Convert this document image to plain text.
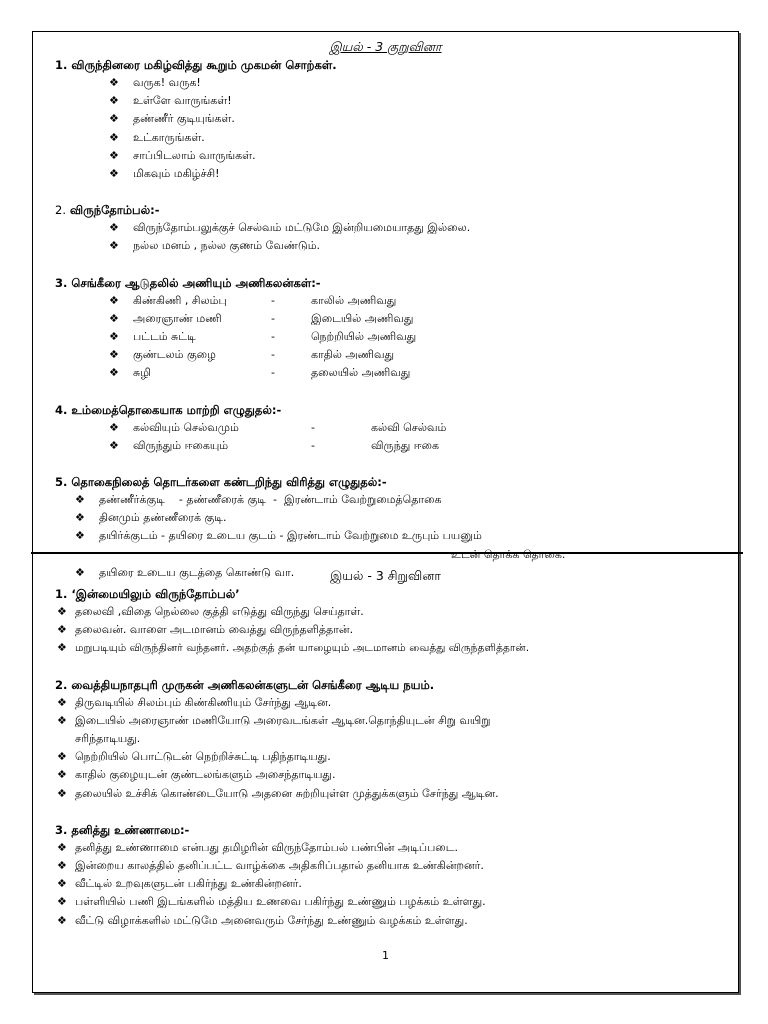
இயல் - 3 குறுவினா
1. விருந்தினரை மகிழ்வித்து கூறும் முகமன் சொற்கள்.
❖ வருக! வருக!
❖ உள்ளே வாருங்கள்!
❖ தண்ணீர் குடியுங்கள்.
❖ உட்காருங்கள்.
❖ சாப்பிடலாம் வாருங்கள்.
❖ மிகவும் மகிழ்ச்சி!
2. விருந்தோம்பல்:-
❖ விருந்தோம்பலுக்குச் செல்வம் மட்டுமே இன்றியமையாதது இல்லை.
❖ நல்ல மனம் , நல்ல குணம் வேண்டும்.
3. செங்கீரை ஆடுதலில் அணியும் அணிகலன்கள்:-
❖ கிண்கிணி , சிலம்பு	-	காலில் அணிவது
❖ அரைஞாண் மணி	-	இடையில் அணிவது
❖ பட்டம் சுட்டி	-	நெற்றியில் அணிவது
❖ குண்டலம் குழை	-	காதில் அணிவது
❖ சுழி	-	தலையில் அணிவது
4. உம்மைத்தொகையாக மாற்றி எழுதுதல்:-
❖ கல்வியும் செல்வமும்	-	கல்வி செல்வம்
❖ விருந்தும் ஈகையும்	-	விருந்து ஈகை
5. தொகைநிலைத் தொடர்களை கண்டறிந்து விரித்து எழுதுதல்:-
❖ தண்ணீர்க்குடி    - தண்ணீரைக் குடி  -  இரண்டாம் வேற்றுமைத்தொகை
❖ தினமும் தண்ணீரைக் குடி.
❖ தயிர்க்குடம் - தயிரை உடைய குடம் - இரண்டாம் வேற்றுமை உருபும் பயனும்
உடன் தொக்க தொகை.
❖ தயிரை உடைய குடத்தை கொண்டு வா.	இயல் - 3 சிறுவினா
1. ‘இன்மையிலும் விருந்தோம்பல்’
❖ தலைவி ,விதை நெல்லை குத்தி எடுத்து விருந்து செய்தாள்.
❖ தலைவன். வாளை அடமானம் வைத்து விருந்தளித்தான்.
❖ மறுபடியும் விருந்தினர் வந்தனர். அதற்குத் தன் யாழையும் அடமானம் வைத்து விருந்தளித்தான்.
2. வைத்தியநாதபுரி முருகன் அணிகலன்களுடன் செங்கீரை ஆடிய நயம்.
❖ திருவடியில் சிலம்பும் கிண்கிணியும் சேர்ந்து ஆடின.
❖ இடையில் அரைஞாண் மணியோடு அரைவடங்கள் ஆடின.தொந்தியுடன் சிறு வயிறு
சரிந்தாடியது.
❖ நெற்றியில் பொட்டுடன் நெற்றிச்சுட்டி பதிந்தாடியது.
❖ காதில் குழையுடன் குண்டலங்களும் அசைந்தாடியது.
❖ தலையில் உச்சிக் கொண்டையோடு அதனை சுற்றியுள்ள முத்துக்களும் சேர்ந்து ஆடின.
3. தனித்து உண்ணாமை:-
❖ தனித்து உண்ணாமை என்பது தமிழரின் விருந்தோம்பல் பண்பின் அடிப்படை.
❖ இன்றைய காலத்தில் தனிப்பட்ட வாழ்க்கை அதிகரிப்பதால் தனியாக உண்கின்றனர்.
❖ வீட்டில் உறவுகளுடன் பகிர்ந்து உண்கின்றனர்.
❖ பள்ளியில் பணி இடங்களில் மத்திய உணவை பகிர்ந்து உண்ணும் பழக்கம் உள்ளது.
❖ வீட்டு விழாக்களில் மட்டுமே அனைவரும் சேர்ந்து உண்ணும் வழக்கம் உள்ளது.
1
